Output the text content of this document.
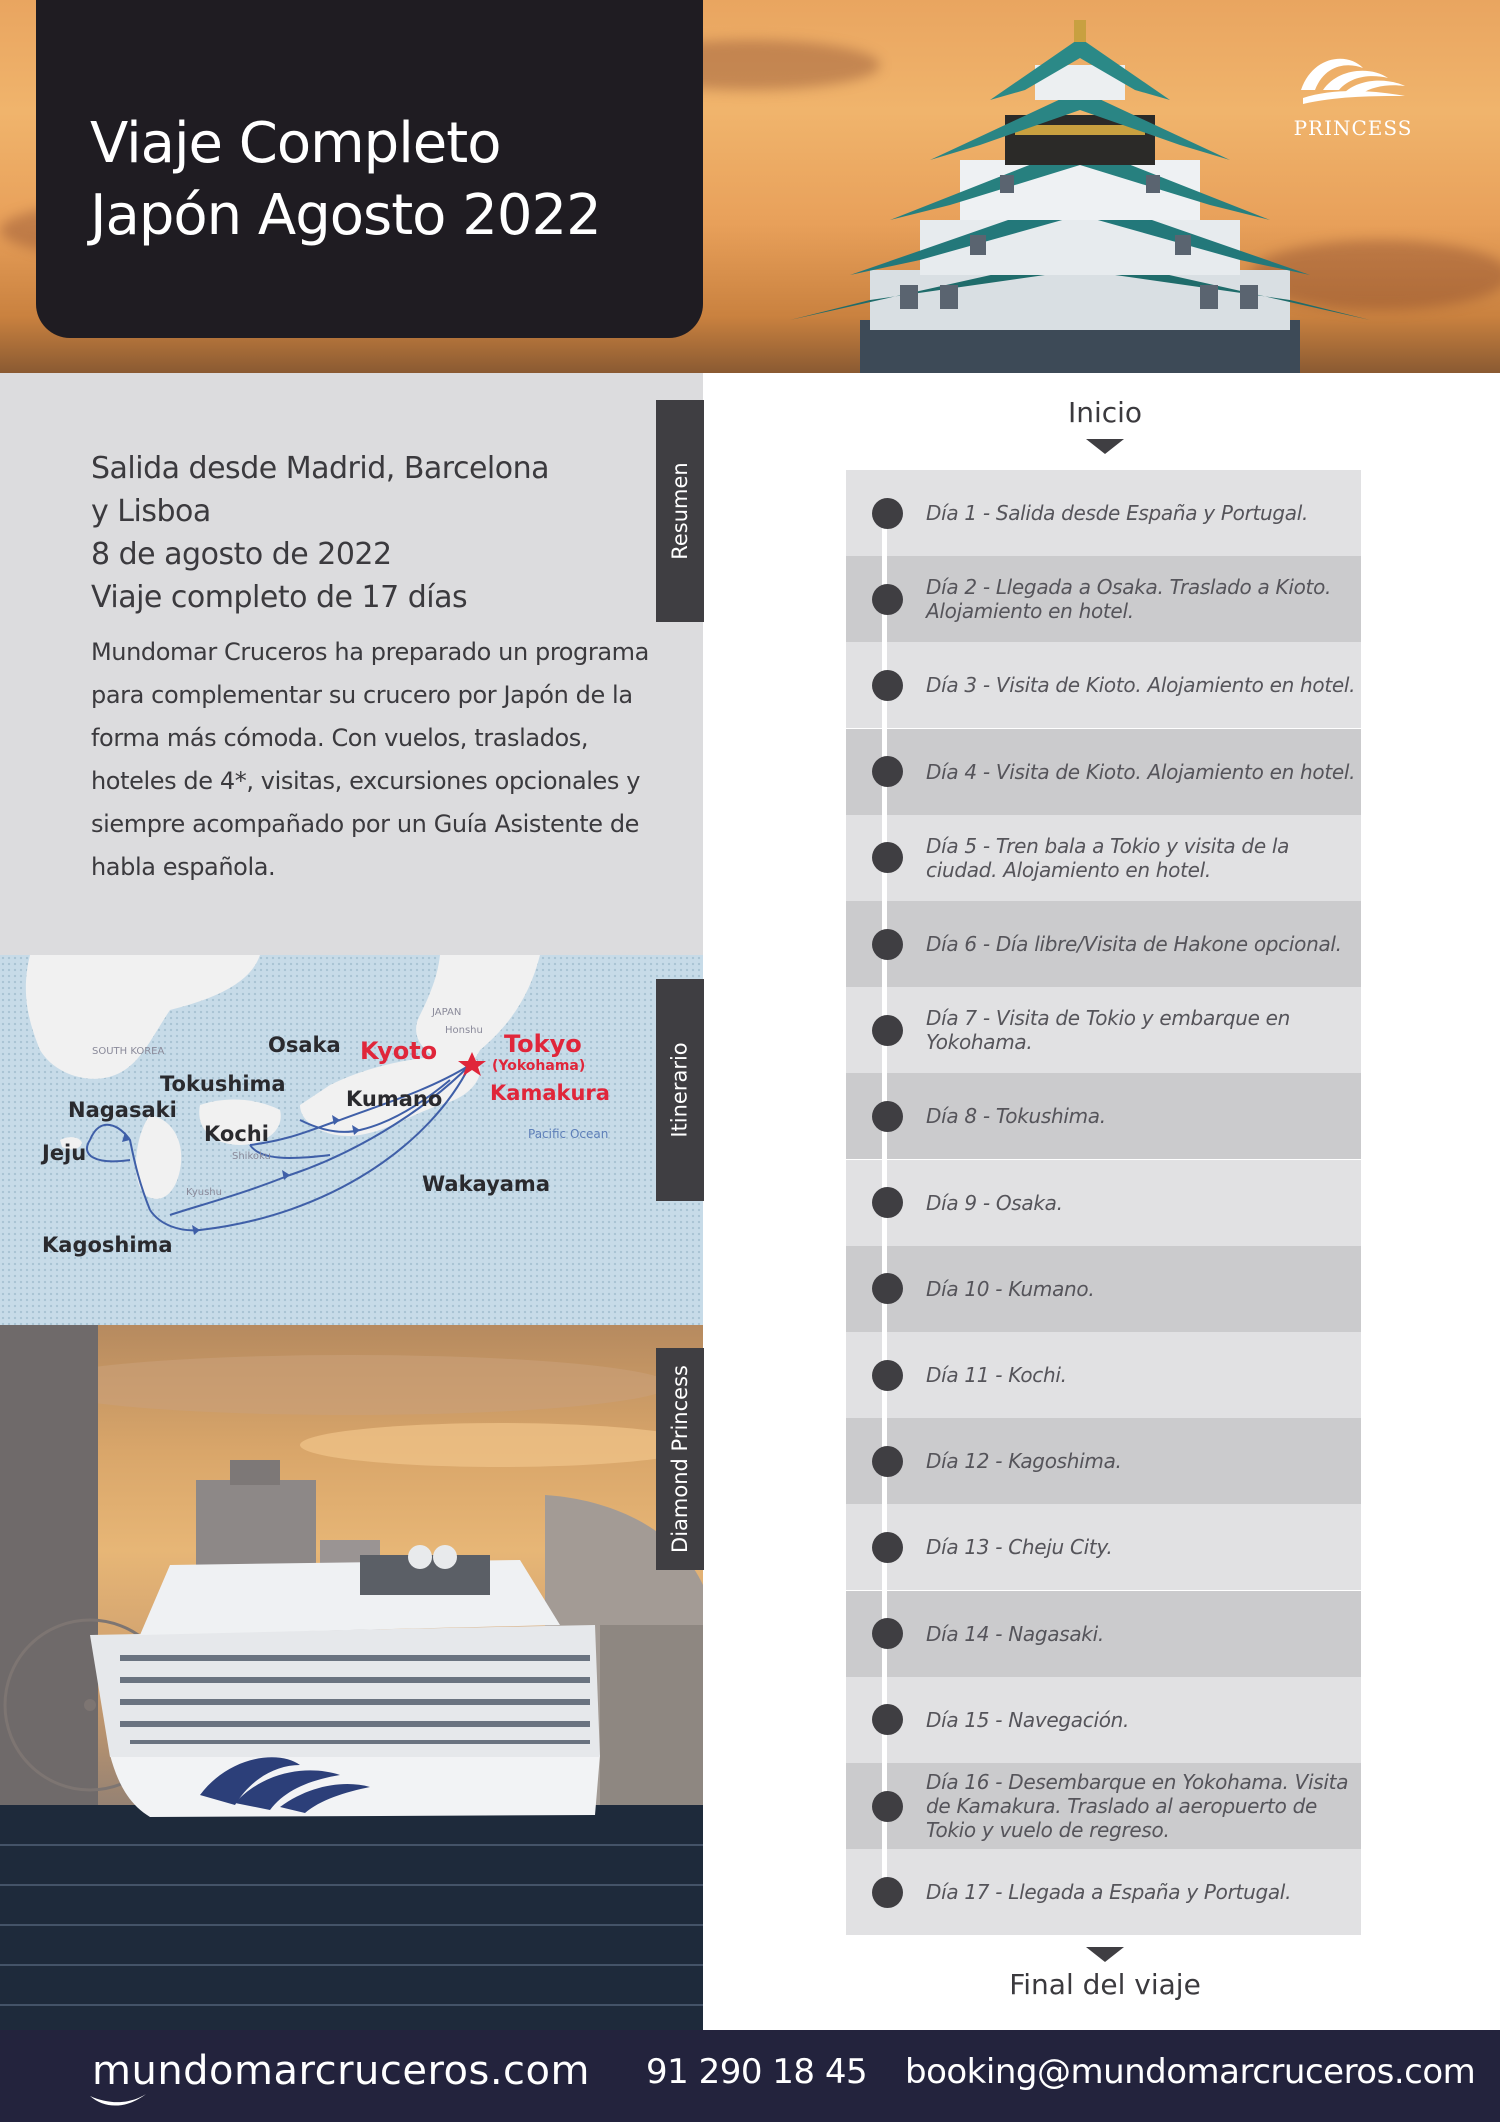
Viaje Completo
Japón Agosto 2022
PRINCESS
Salida desde Madrid, Barcelona
y Lisboa
8 de agosto de 2022
Viaje completo de 17 días

Mundomar Cruceros ha preparado un programa para complementar su crucero por Japón de la forma más cómoda. Con vuelos, traslados, hoteles de 4*, visitas, excursiones opcionales y siempre acompañado por un Guía Asistente de habla española.

Resumen
SOUTH KOREA
JAPAN
Honshu
Shikoku
Kyushu
Pacific Ocean
Osaka Kyoto	Tokyo
(Yokohama)
Kamakura
Tokushima
Kumano
Nagasaki
Kochi
Jeju
Wakayama
Kagoshima
Itinerario
Diamond Princess
Inicio
Día 1 - Salida desde España y Portugal.
Día 2 - Llegada a Osaka. Traslado a Kioto. Alojamiento en hotel.
Día 3 - Visita de Kioto. Alojamiento en hotel.
Día 4 - Visita de Kioto. Alojamiento en hotel.
Día 5 - Tren bala a Tokio y visita de la ciudad. Alojamiento en hotel.
Día 6 - Día libre/Visita de Hakone opcional.
Día 7 - Visita de Tokio y embarque en Yokohama.
Día 8 - Tokushima.
Día 9 - Osaka.
Día 10 - Kumano.
Día 11 - Kochi.
Día 12 - Kagoshima.
Día 13 - Cheju City.
Día 14 - Nagasaki.
Día 15 - Navegación.
Día 16 - Desembarque en Yokohama. Visita de Kamakura. Traslado al aeropuerto de Tokio y vuelo de regreso.
Día 17 - Llegada a España y Portugal.
Final del viaje
mundomarcruceros.com 91 290 18 45 booking@mundomarcruceros.com
